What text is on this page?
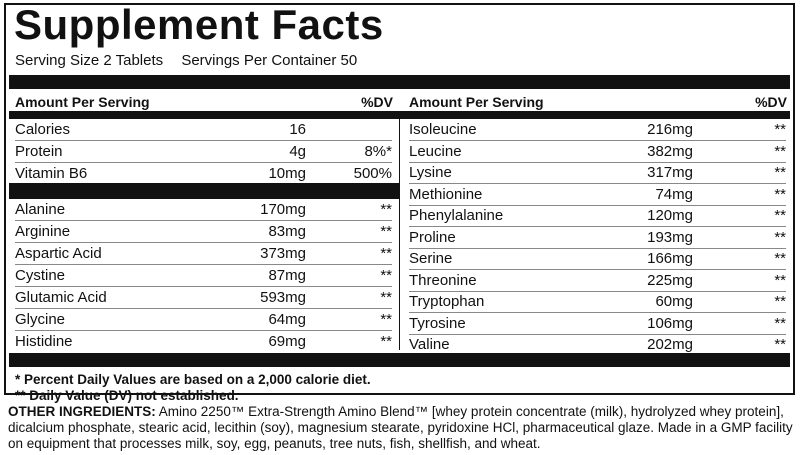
Supplement Facts
Serving Size 2 Tablets Servings Per Container 50
Amount Per Serving	%DV Amount Per Serving	%DV
Calories	16
Protein	4g	8%*
Vitamin B6	10mg	500%
Alanine	170mg	**
Arginine	83mg	**
Aspartic Acid	373mg	**
Cystine	87mg	**
Glutamic Acid	593mg	**
Glycine	64mg	**
Histidine	69mg	**
Isoleucine	216mg	**
Leucine	382mg	**
Lysine	317mg	**
Methionine	74mg	**
Phenylalanine	120mg	**
Proline	193mg	**
Serine	166mg	**
Threonine	225mg	**
Tryptophan	60mg	**
Tyrosine	106mg	**
Valine	202mg	**
* Percent Daily Values are based on a 2,000 calorie diet.
** Daily Value (DV) not established.
OTHER INGREDIENTS: Amino 2250™ Extra-Strength Amino Blend™ [whey protein concentrate (milk), hydrolyzed whey protein], dicalcium phosphate, stearic acid, lecithin (soy), magnesium stearate, pyridoxine HCl, pharmaceutical glaze. Made in a GMP facility on equipment that processes milk, soy, egg, peanuts, tree nuts, fish, shellfish, and wheat.
